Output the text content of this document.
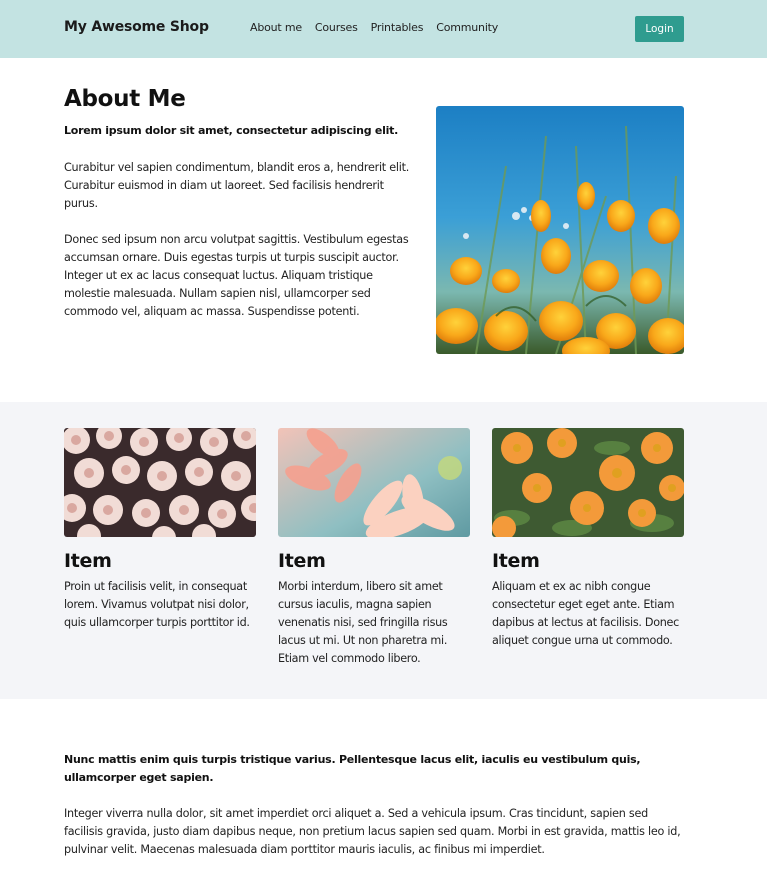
My Awesome Shop	About me Courses Printables Community	Login
About Me

Lorem ipsum dolor sit amet, consectetur adipiscing elit.

Curabitur vel sapien condimentum, blandit eros a, hendrerit elit. Curabitur euismod in diam ut laoreet. Sed facilisis hendrerit purus.

Donec sed ipsum non arcu volutpat sagittis. Vestibulum egestas accumsan ornare. Duis egestas turpis ut turpis suscipit auctor. Integer ut ex ac lacus consequat luctus. Aliquam tristique molestie malesuada. Nullam sapien nisl, ullamcorper sed commodo vel, aliquam ac massa. Suspendisse potenti.

Item

Proin ut facilisis velit, in consequat lorem. Vivamus volutpat nisi dolor, quis ullamcorper turpis porttitor id.

Item

Morbi interdum, libero sit amet cursus iaculis, magna sapien venenatis nisi, sed fringilla risus lacus ut mi. Ut non pharetra mi. Etiam vel commodo libero.

Item

Aliquam et ex ac nibh congue consectetur eget eget ante. Etiam dapibus at lectus at facilisis. Donec aliquet congue urna ut commodo.

Nunc mattis enim quis turpis tristique varius. Pellentesque lacus elit, iaculis eu vestibulum quis, ullamcorper eget sapien.

Integer viverra nulla dolor, sit amet imperdiet orci aliquet a. Sed a vehicula ipsum. Cras tincidunt, sapien sed facilisis gravida, justo diam dapibus neque, non pretium lacus sapien sed quam. Morbi in est gravida, mattis leo id, pulvinar velit. Maecenas malesuada diam porttitor mauris iaculis, ac finibus mi imperdiet.
